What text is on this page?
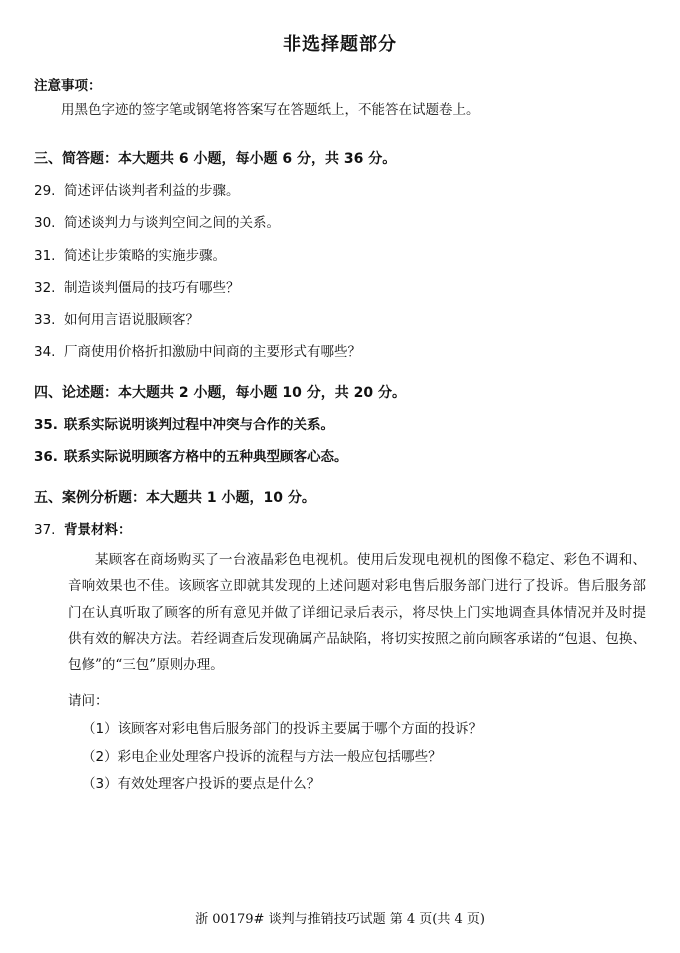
非选择题部分
注意事项：
用黑色字迹的签字笔或钢笔将答案写在答题纸上，不能答在试题卷上。
三、简答题：本大题共 6 小题，每小题 6 分，共 36 分。
29. 简述评估谈判者利益的步骤。
30. 简述谈判力与谈判空间之间的关系。
31. 简述让步策略的实施步骤。
32. 制造谈判僵局的技巧有哪些？
33. 如何用言语说服顾客？
34. 厂商使用价格折扣激励中间商的主要形式有哪些？
四、论述题：本大题共 2 小题，每小题 10 分，共 20 分。
35. 联系实际说明谈判过程中冲突与合作的关系。
36. 联系实际说明顾客方格中的五种典型顾客心态。
五、案例分析题：本大题共 1 小题，10 分。
37. 背景材料：
某顾客在商场购买了一台液晶彩色电视机。使用后发现电视机的图像不稳定、彩色不调和、音响效果也不佳。该顾客立即就其发现的上述问题对彩电售后服务部门进行了投诉。售后服务部门在认真听取了顾客的所有意见并做了详细记录后表示，将尽快上门实地调查具体情况并及时提供有效的解决方法。若经调查后发现确属产品缺陷，将切实按照之前向顾客承诺的“包退、包换、包修”的“三包”原则办理。
请问：
（1）该顾客对彩电售后服务部门的投诉主要属于哪个方面的投诉？
（2）彩电企业处理客户投诉的流程与方法一般应包括哪些？
（3）有效处理客户投诉的要点是什么？
浙 00179# 谈判与推销技巧试题 第 4 页(共 4 页)
